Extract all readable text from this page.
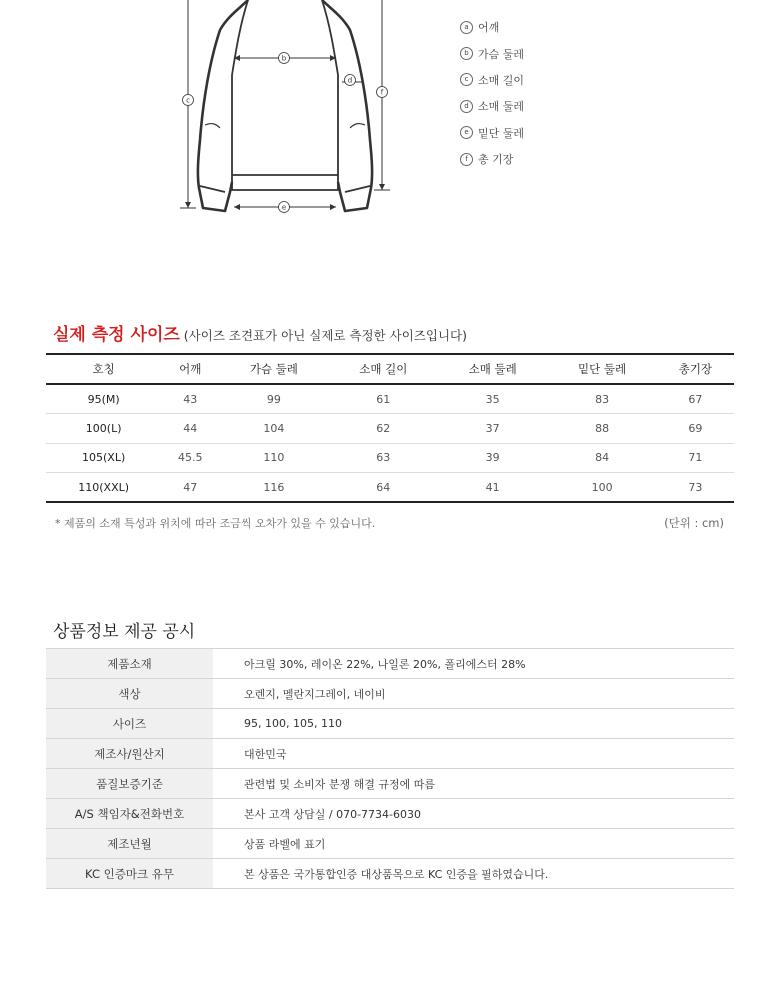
b
e
c
f
d
a 어깨
b 가슴 둘레
c 소매 길이
d 소매 둘레
e 밑단 둘레
f 총 기장
실제 측정 사이즈 (사이즈 조견표가 아닌 실제로 측정한 사이즈입니다)
호칭	어깨	가슴 둘레	소매 길이	소매 둘레	밑단 둘레	총기장
95(M)	43	99	61	35	83	67
100(L)	44	104	62	37	88	69
105(XL)	45.5	110	63	39	84	71
110(XXL)	47	116	64	41	100	73
* 제품의 소재 특성과 위치에 따라 조금씩 오차가 있을 수 있습니다.	(단위 : cm)
상품정보 제공 공시
제품소재	아크릴 30%, 레이온 22%, 나일론 20%, 폴리에스터 28%
색상	오렌지, 멜란지그레이, 네이비
사이즈	95, 100, 105, 110
제조사/원산지	대한민국
품질보증기준	관련법 및 소비자 분쟁 해결 규정에 따름
A/S 책임자&전화번호	본사 고객 상담실 / 070-7734-6030
제조년월	상품 라벨에 표기
KC 인증마크 유무	본 상품은 국가통합인증 대상품목으로 KC 인증을 필하였습니다.
